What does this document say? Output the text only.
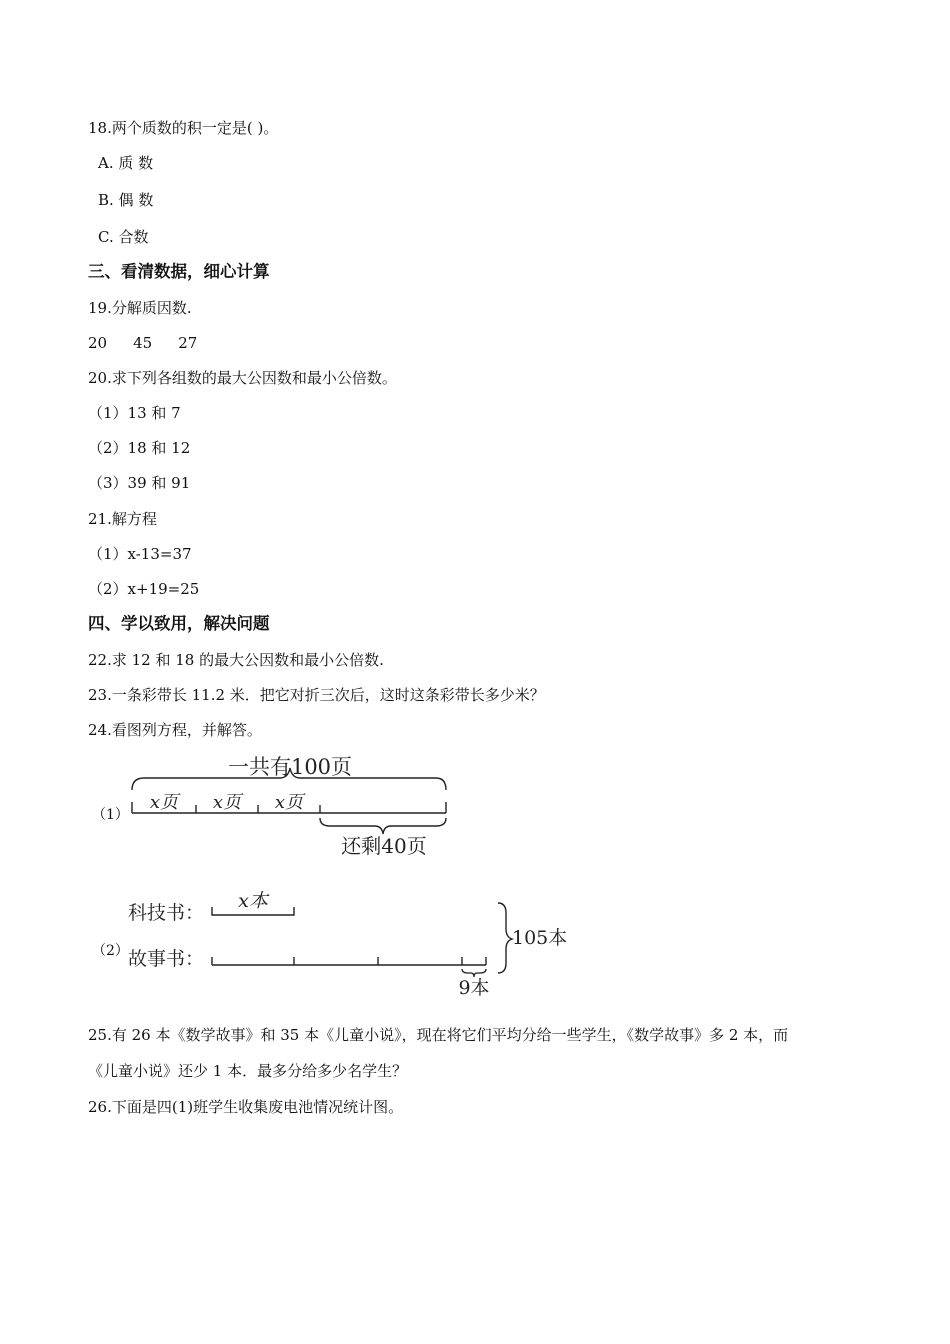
18.两个质数的积一定是( )。
A. 质 数
B. 偶 数
C. 合数
三、看清数据，细心计算
19.分解质因数.
20 45 27
20.求下列各组数的最大公因数和最小公倍数。
（1）13 和 7
（2）18 和 12
（3）39 和 91
21.解方程
（1）x-13=37
（2）x+19=25
四、学以致用，解决问题
22.求 12 和 18 的最大公因数和最小公倍数.
23.一条彩带长 11.2 米．把它对折三次后，这时这条彩带长多少米？
24.看图列方程，并解答。
（1）
一共有100页
x页 x页 x页
还剩40页
（2）
科技书：
x本
故事书：
9本
105本
25.有 26 本《数学故事》和 35 本《儿童小说》，现在将它们平均分给一些学生，《数学故事》多 2 本，而
《儿童小说》还少 1 本．最多分给多少名学生？
26.下面是四(1)班学生收集废电池情况统计图。
